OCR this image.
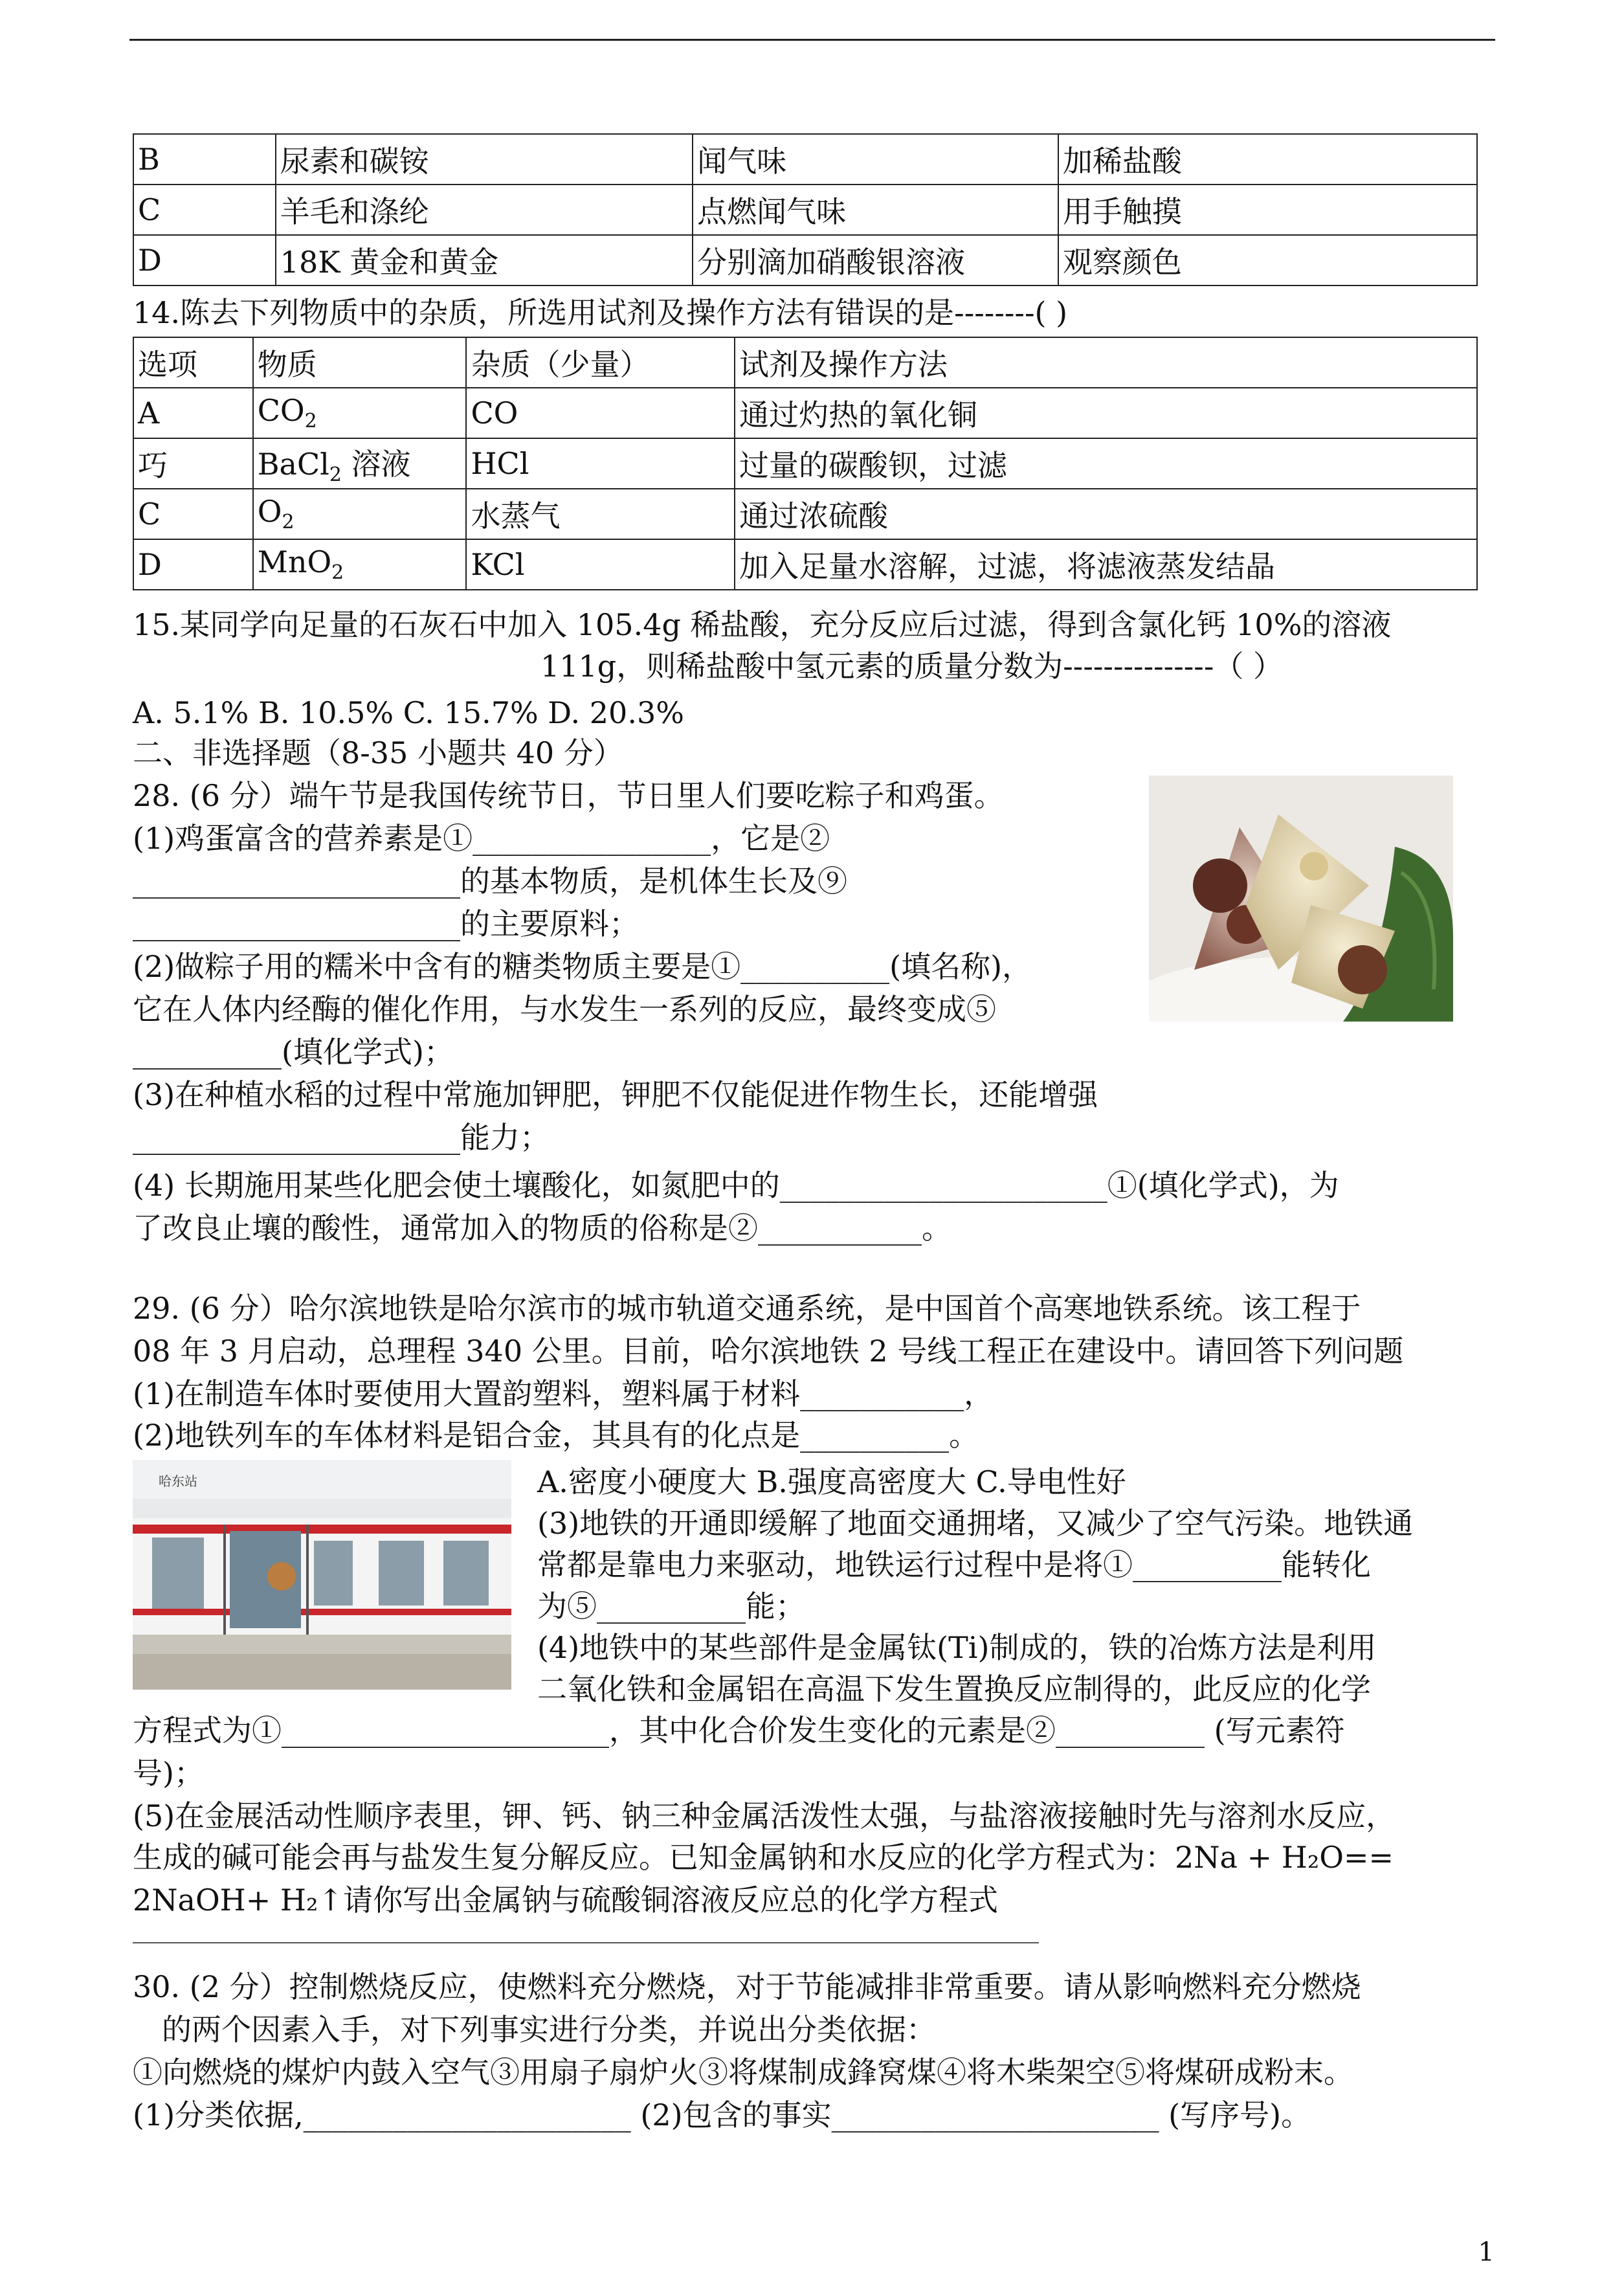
B	尿素和碳铵	闻气味	加稀盐酸
C	羊毛和涤纶	点燃闻气味	用手触摸
D	18K 黄金和黄金	分别滴加硝酸银溶液	观察颜色
14.陈去下列物质中的杂质，所选用试剂及操作方法有错误的是--------( )
选项	物质	杂质（少量）	试剂及操作方法
A	$CO_2$	CO	通过灼热的氧化铜
巧	BaCl$_2$ 溶液	HCl	过量的碳酸钡，过滤
C	$O_2$	水蒸气	通过浓硫酸
D	MnO$_2$	KCl	加入足量水溶解，过滤，将滤液蒸发结晶
15.某同学向足量的石灰石中加入 105.4g 稀盐酸，充分反应后过滤，得到含氯化钙 10%的溶液
111g，则稀盐酸中氢元素的质量分数为---------------（ ）
A. 5.1% B. 10.5% C. 15.7% D. 20.3%
二、非选择题（8-35 小题共 40 分）
28. (6 分）端午节是我国传统节日，节日里人们要吃粽子和鸡蛋。
(1)鸡蛋富含的营养素是①________________，它是②
______________________的基本物质，是机体生长及⑨
______________________的主要原料；
(2)做粽子用的糯米中含有的糖类物质主要是①__________(填名称)，
它在人体内经酶的催化作用，与水发生一系列的反应，最终变成⑤
__________(填化学式)；
(3)在种植水稻的过程中常施加钾肥，钾肥不仅能促进作物生长，还能增强
______________________能力；
(4) 长期施用某些化肥会使土壤酸化，如氮肥中的______________________①(填化学式)，为
了改良止壤的酸性，通常加入的物质的俗称是②___________。
29. (6 分）哈尔滨地铁是哈尔滨市的城市轨道交通系统，是中国首个高寒地铁系统。该工程于
08 年 3 月启动，总理程 340 公里。目前，哈尔滨地铁 2 号线工程正在建设中。请回答下列问题
(1)在制造车体时要使用大置韵塑料，塑料属于材料___________，
(2)地铁列车的车体材料是铝合金，其具有的化点是__________。
哈东站	A.密度小硬度大 B.强度高密度大 C.导电性好
(3)地铁的开通即缓解了地面交通拥堵，又减少了空气污染。地铁通
常都是靠电力来驱动，地铁运行过程中是将①__________能转化
为⑤__________能；
(4)地铁中的某些部件是金属钛(Ti)制成的，铁的冶炼方法是利用
二氧化铁和金属铝在高温下发生置换反应制得的，此反应的化学
方程式为①______________________，其中化合价发生变化的元素是②__________ (写元素符
号)；
(5)在金展活动性顺序表里，钾、钙、钠三种金属活泼性太强，与盐溶液接触时先与溶剂水反应，
生成的碱可能会再与盐发生复分解反应。已知金属钠和水反应的化学方程式为：2Na + H₂O==
2NaOH+ H₂↑请你写出金属钠与硫酸铜溶液反应总的化学方程式
30. (2 分）控制燃烧反应，使燃料充分燃烧，对于节能减排非常重要。请从影响燃料充分燃烧
的两个因素入手，对下列事实进行分类，并说出分类依据：
①向燃烧的煤炉内鼓入空气③用扇子扇炉火③将煤制成鋒窝煤④将木柴架空⑤将煤研成粉末。
(1)分类依据,______________________ (2)包含的事实______________________ (写序号)。
1
